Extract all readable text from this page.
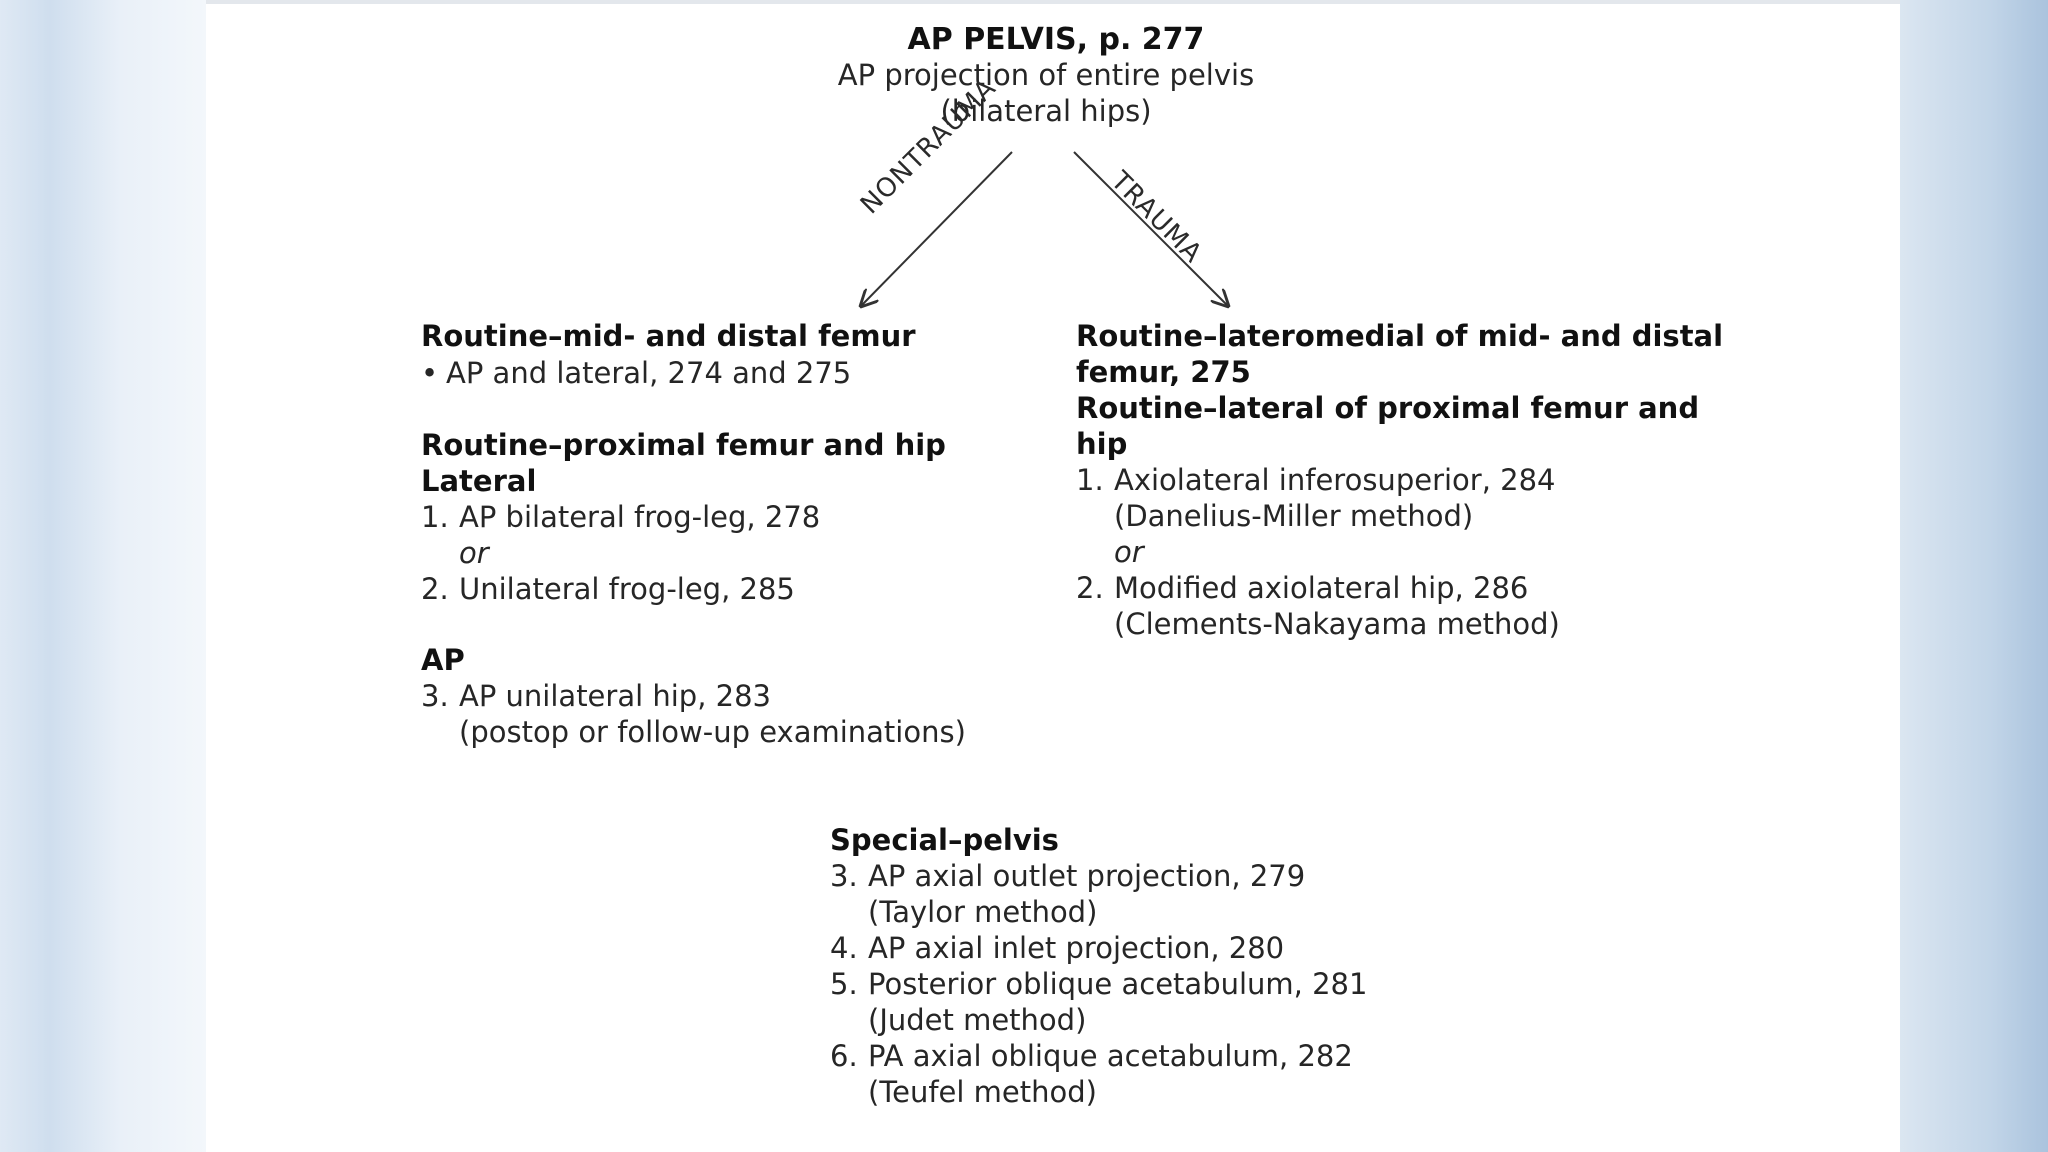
AP PELVIS, p. 277
AP projection of entire pelvis
(bilateral hips)
NONTRAUMA	TRAUMA
Routine–mid- and distal femur
• AP and lateral, 274 and 275
Routine–proximal femur and hip
Lateral
1. AP bilateral frog-leg, 278
or
2. Unilateral frog-leg, 285
AP
3. AP unilateral hip, 283
(postop or follow-up examinations)
Routine–lateromedial of mid- and distal
femur, 275
Routine–lateral of proximal femur and
hip
1. Axiolateral inferosuperior, 284
(Danelius-Miller method)
or
2. Modified axiolateral hip, 286
(Clements-Nakayama method)
Special–pelvis
3. AP axial outlet projection, 279
(Taylor method)
4. AP axial inlet projection, 280
5. Posterior oblique acetabulum, 281
(Judet method)
6. PA axial oblique acetabulum, 282
(Teufel method)
